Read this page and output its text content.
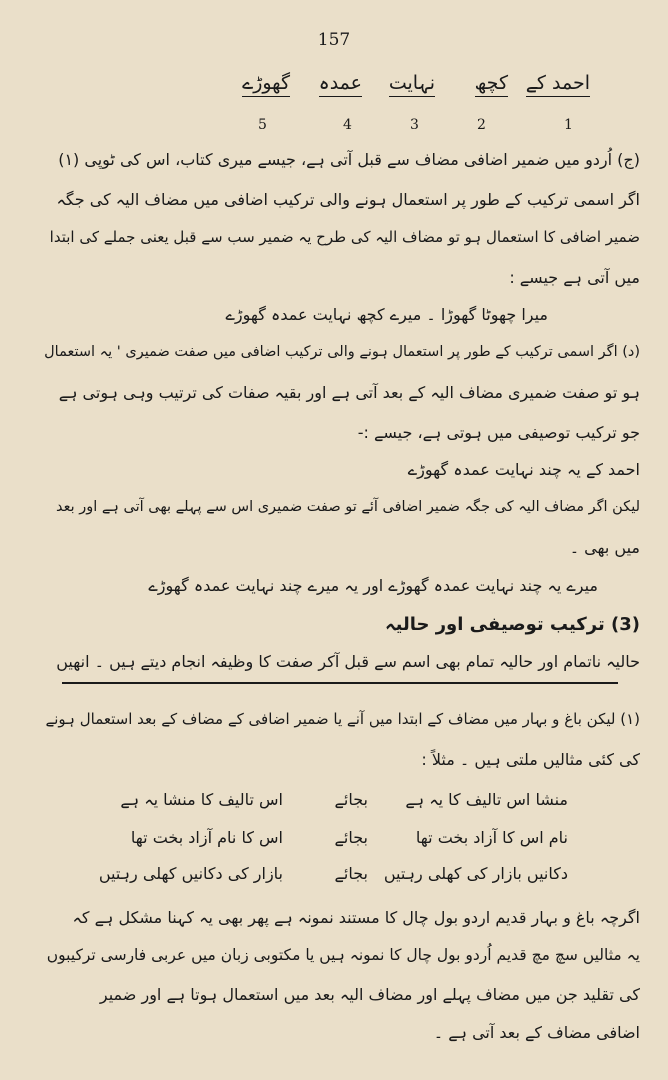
157
احمد کے
کچھ
نہایت
عمدہ
گھوڑے
1
2
3
4
5
(ج) اُردو میں ضمیر اضافی مضاف سے قبل آتی ہے، جیسے میری کتاب، اس کی ٹوپی (۱)
اگر اسمی ترکیب کے طور پر استعمال ہونے والی ترکیب اضافی میں مضاف الیہ کی جگہ
ضمیر اضافی کا استعمال ہو تو مضاف الیہ کی طرح یہ ضمیر سب سے قبل یعنی جملے کی ابتدا
میں آتی ہے جیسے :
میرا چھوٹا گھوڑا ۔ میرے کچھ نہایت عمدہ گھوڑے
(د) اگر اسمی ترکیب کے طور پر استعمال ہونے والی ترکیب اضافی میں صفت ضمیری ' یہ استعمال
ہو تو صفت ضمیری مضاف الیہ کے بعد آتی ہے اور بقیہ صفات کی ترتیب وہی ہوتی ہے
جو ترکیب توصیفی میں ہوتی ہے، جیسے :-
احمد کے یہ چند نہایت عمدہ گھوڑے
لیکن اگر مضاف الیہ کی جگہ ضمیر اضافی آئے تو صفت ضمیری اس سے پہلے بھی آتی ہے اور بعد
میں بھی ۔
میرے یہ چند نہایت عمدہ گھوڑے اور یہ میرے چند نہایت عمدہ گھوڑے
(3) ترکیب توصیفی اور حالیہ
حالیہ ناتمام اور حالیہ تمام بھی اسم سے قبل آکر صفت کا وظیفہ انجام دیتے ہیں ۔ انھیں
(۱) لیکن باغ و بہار میں مضاف کے ابتدا میں آنے یا ضمیر اضافی کے مضاف کے بعد استعمال ہونے
کی کئی مثالیں ملتی ہیں ۔ مثلاً :
منشا اس تالیف کا یہ ہے
بجائے
اس تالیف کا منشا یہ ہے
نام اس کا آزاد بخت تھا
بجائے
اس کا نام آزاد بخت تھا
دکانیں بازار کی کھلی رہتیں
بجائے
بازار کی دکانیں کھلی رہتیں
اگرچہ باغ و بہار قدیم اردو بول چال کا مستند نمونہ ہے پھر بھی یہ کہنا مشکل ہے کہ
یہ مثالیں سچ مچ قدیم اُردو بول چال کا نمونہ ہیں یا مکتوبی زبان میں عربی فارسی ترکیبوں
کی تقلید جن میں مضاف پہلے اور مضاف الیہ بعد میں استعمال ہوتا ہے اور ضمیر
اضافی مضاف کے بعد آتی ہے ۔
